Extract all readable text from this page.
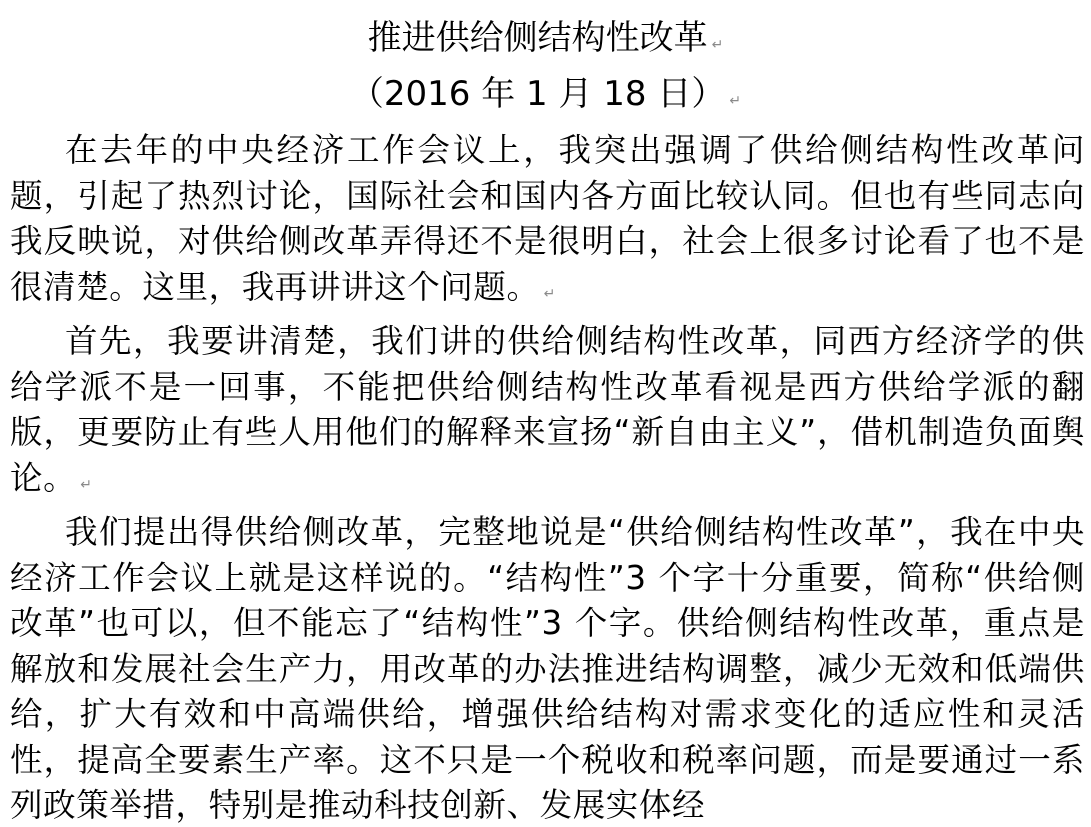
推进供给侧结构性改革 ↵
（2016 年 1 月 18 日） ↵
在去年的中央经济工作会议上，我突出强调了供给侧结构性改革问题，引起了热烈讨论，国际社会和国内各方面比较认同。但也有些同志向我反映说，对供给侧改革弄得还不是很明白，社会上很多讨论看了也不是很清楚。这里，我再讲讲这个问题。 ↵
首先，我要讲清楚，我们讲的供给侧结构性改革，同西方经济学的供给学派不是一回事，不能把供给侧结构性改革看视是西方供给学派的翻版，更要防止有些人用他们的解释来宣扬“新自由主义”，借机制造负面舆论。 ↵
我们提出得供给侧改革，完整地说是“供给侧结构性改革”，我在中央经济工作会议上就是这样说的。“结构性”3 个字十分重要，简称“供给侧改革”也可以，但不能忘了“结构性”3 个字。供给侧结构性改革，重点是解放和发展社会生产力，用改革的办法推进结构调整，减少无效和低端供给，扩大有效和中高端供给，增强供给结构对需求变化的适应性和灵活性，提高全要素生产率。这不只是一个税收和税率问题，而是要通过一系列政策举措，特别是推动科技创新、发展实体经
